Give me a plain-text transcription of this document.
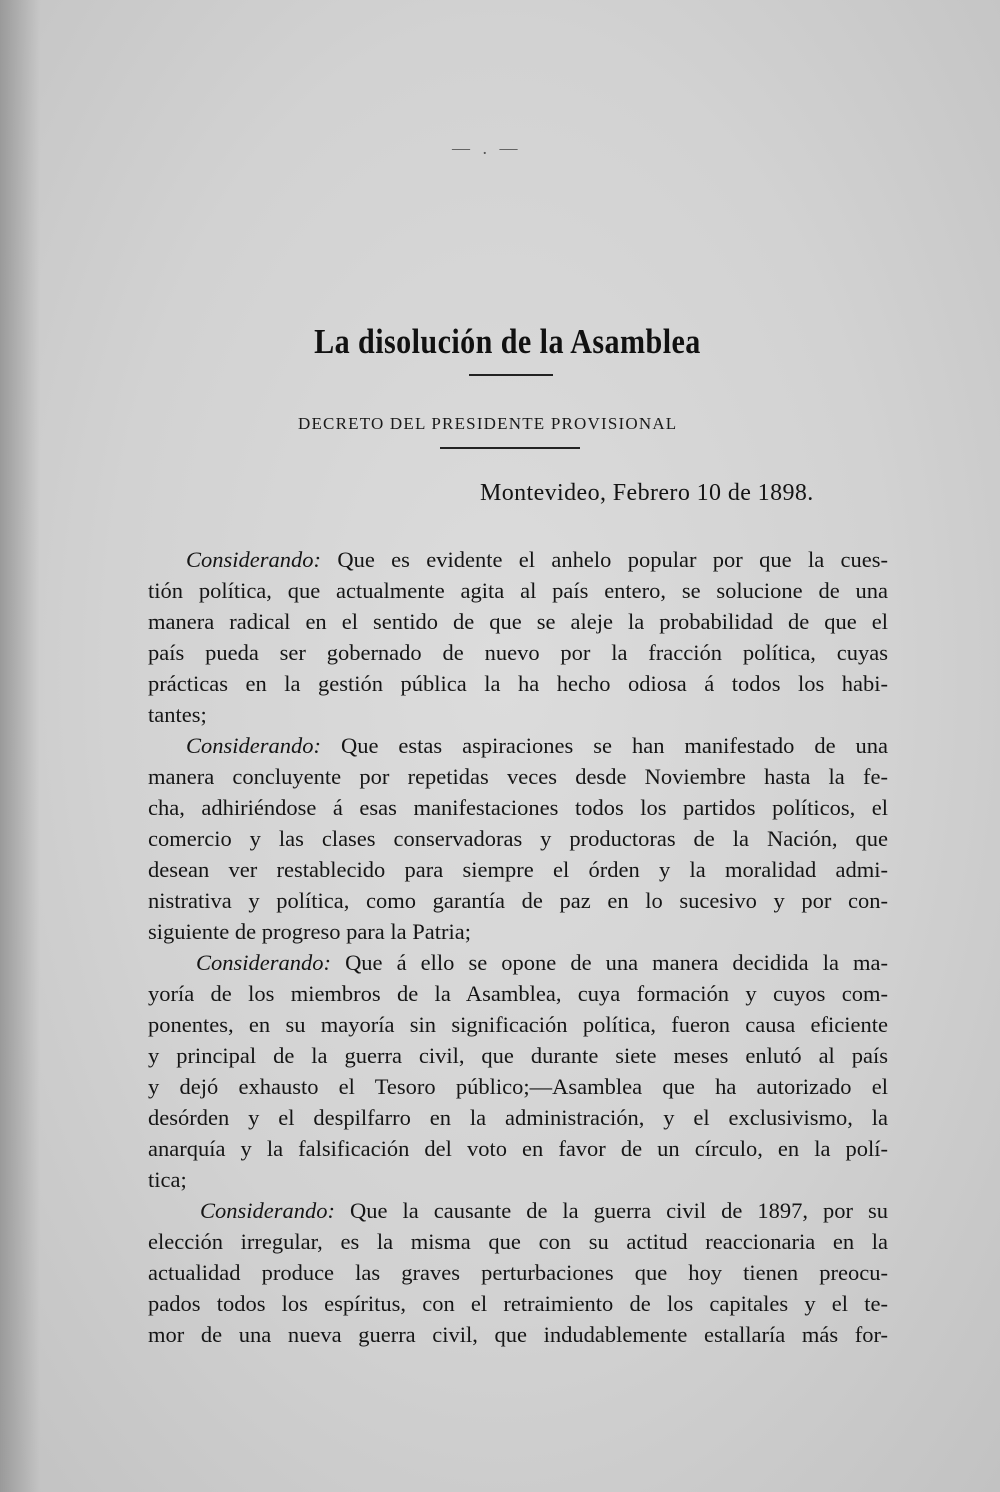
— . —
La disolución de la Asamblea
DECRETO DEL PRESIDENTE PROVISIONAL
Montevideo, Febrero 10 de 1898.
Considerando: Que es evidente el anhelo popular por que la cues-
tión política, que actualmente agita al país entero, se solucione de una
manera radical en el sentido de que se aleje la probabilidad de que el
país pueda ser gobernado de nuevo por la fracción política, cuyas
prácticas en la gestión pública la ha hecho odiosa á todos los habi-
tantes;
Considerando: Que estas aspiraciones se han manifestado de una
manera concluyente por repetidas veces desde Noviembre hasta la fe-
cha, adhiriéndose á esas manifestaciones todos los partidos políticos, el
comercio y las clases conservadoras y productoras de la Nación, que
desean ver restablecido para siempre el órden y la moralidad admi-
nistrativa y política, como garantía de paz en lo sucesivo y por con-
siguiente de progreso para la Patria;
Considerando: Que á ello se opone de una manera decidida la ma-
yoría de los miembros de la Asamblea, cuya formación y cuyos com-
ponentes, en su mayoría sin significación política, fueron causa eficiente
y principal de la guerra civil, que durante siete meses enlutó al país
y dejó exhausto el Tesoro público;—Asamblea que ha autorizado el
desórden y el despilfarro en la administración, y el exclusivismo, la
anarquía y la falsificación del voto en favor de un círculo, en la polí-
tica;
Considerando: Que la causante de la guerra civil de 1897, por su
elección irregular, es la misma que con su actitud reaccionaria en la
actualidad produce las graves perturbaciones que hoy tienen preocu-
pados todos los espíritus, con el retraimiento de los capitales y el te-
mor de una nueva guerra civil, que indudablemente estallaría más for-
